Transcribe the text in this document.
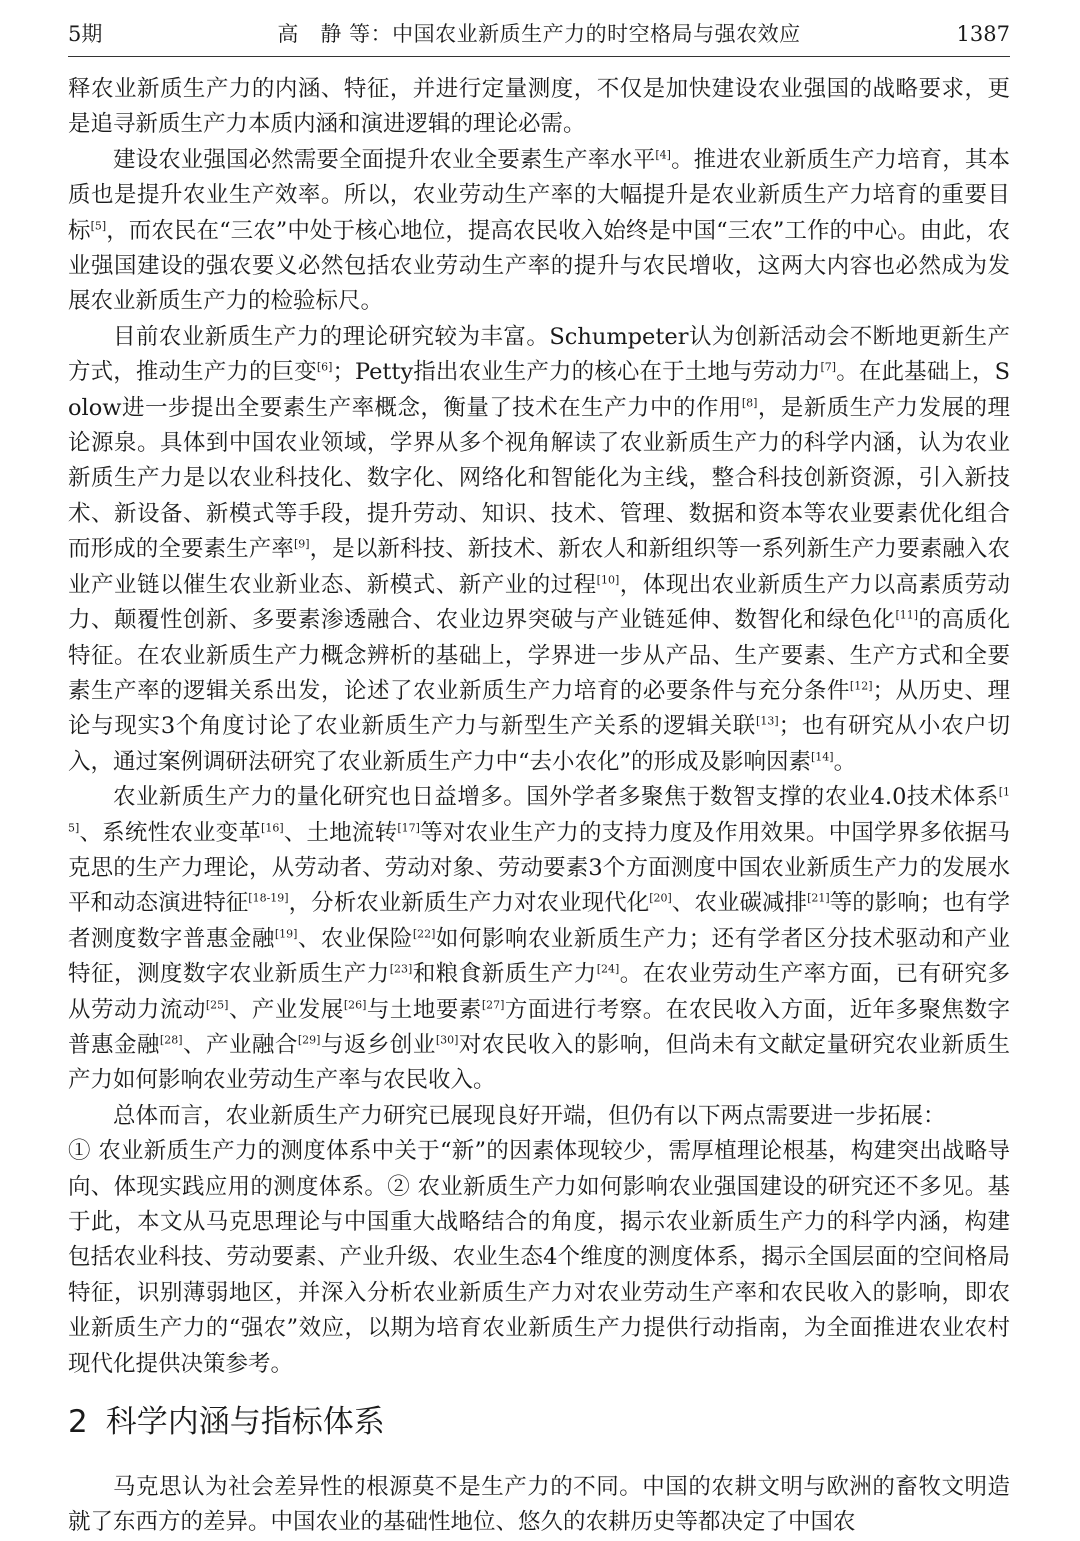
5期	高　静 等：中国农业新质生产力的时空格局与强农效应	1387

释农业新质生产力的内涵、特征，并进行定量测度，不仅是加快建设农业强国的战略要求，更是追寻新质生产力本质内涵和演进逻辑的理论必需。

建设农业强国必然需要全面提升农业全要素生产率水平[4]。推进农业新质生产力培育，其本质也是提升农业生产效率。所以，农业劳动生产率的大幅提升是农业新质生产力培育的重要目标[5]，而农民在“三农”中处于核心地位，提高农民收入始终是中国“三农”工作的中心。由此，农业强国建设的强农要义必然包括农业劳动生产率的提升与农民增收，这两大内容也必然成为发展农业新质生产力的检验标尺。

目前农业新质生产力的理论研究较为丰富。Schumpeter认为创新活动会不断地更新生产方式，推动生产力的巨变[6]；Petty指出农业生产力的核心在于土地与劳动力[7]。在此基础上，Solow进一步提出全要素生产率概念，衡量了技术在生产力中的作用[8]，是新质生产力发展的理论源泉。具体到中国农业领域，学界从多个视角解读了农业新质生产力的科学内涵，认为农业新质生产力是以农业科技化、数字化、网络化和智能化为主线，整合科技创新资源，引入新技术、新设备、新模式等手段，提升劳动、知识、技术、管理、数据和资本等农业要素优化组合而形成的全要素生产率[9]，是以新科技、新技术、新农人和新组织等一系列新生产力要素融入农业产业链以催生农业新业态、新模式、新产业的过程[10]，体现出农业新质生产力以高素质劳动力、颠覆性创新、多要素渗透融合、农业边界突破与产业链延伸、数智化和绿色化[11]的高质化特征。在农业新质生产力概念辨析的基础上，学界进一步从产品、生产要素、生产方式和全要素生产率的逻辑关系出发，论述了农业新质生产力培育的必要条件与充分条件[12]；从历史、理论与现实3个角度讨论了农业新质生产力与新型生产关系的逻辑关联[13]；也有研究从小农户切入，通过案例调研法研究了农业新质生产力中“去小农化”的形成及影响因素[14]。

农业新质生产力的量化研究也日益增多。国外学者多聚焦于数智支撑的农业4.0技术体系[15]、系统性农业变革[16]、土地流转[17]等对农业生产力的支持力度及作用效果。中国学界多依据马克思的生产力理论，从劳动者、劳动对象、劳动要素3个方面测度中国农业新质生产力的发展水平和动态演进特征[18-19]，分析农业新质生产力对农业现代化[20]、农业碳减排[21]等的影响；也有学者测度数字普惠金融[19]、农业保险[22]如何影响农业新质生产力；还有学者区分技术驱动和产业特征，测度数字农业新质生产力[23]和粮食新质生产力[24]。在农业劳动生产率方面，已有研究多从劳动力流动[25]、产业发展[26]与土地要素[27]方面进行考察。在农民收入方面，近年多聚焦数字普惠金融[28]、产业融合[29]与返乡创业[30]对农民收入的影响，但尚未有文献定量研究农业新质生产力如何影响农业劳动生产率与农民收入。

总体而言，农业新质生产力研究已展现良好开端，但仍有以下两点需要进一步拓展：

① 农业新质生产力的测度体系中关于“新”的因素体现较少，需厚植理论根基，构建突出战略导向、体现实践应用的测度体系。② 农业新质生产力如何影响农业强国建设的研究还不多见。基于此，本文从马克思理论与中国重大战略结合的角度，揭示农业新质生产力的科学内涵，构建包括农业科技、劳动要素、产业升级、农业生态4个维度的测度体系，揭示全国层面的空间格局特征，识别薄弱地区，并深入分析农业新质生产力对农业劳动生产率和农民收入的影响，即农业新质生产力的“强农”效应，以期为培育农业新质生产力提供行动指南，为全面推进农业农村现代化提供决策参考。

2 科学内涵与指标体系

马克思认为社会差异性的根源莫不是生产力的不同。中国的农耕文明与欧洲的畜牧文明造就了东西方的差异。中国农业的基础性地位、悠久的农耕历史等都决定了中国农
